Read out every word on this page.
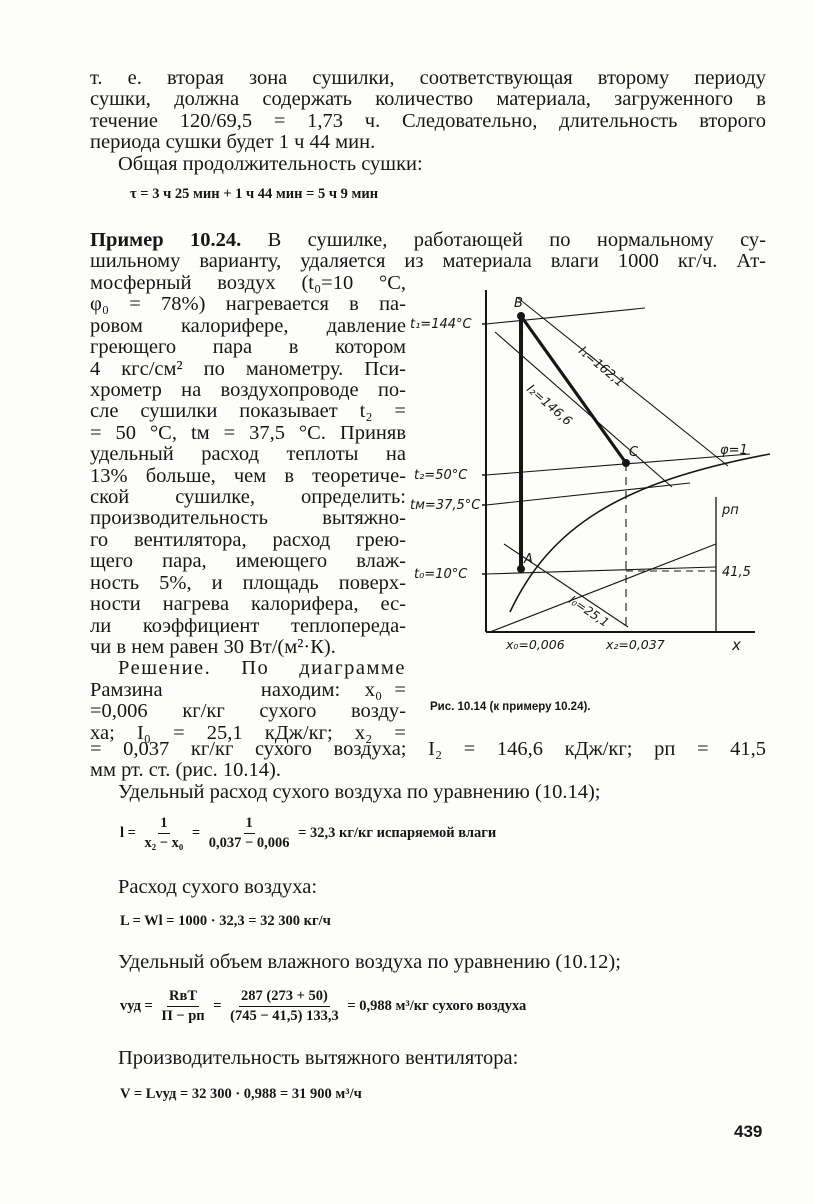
т. е. вторая зона сушилки, соответствующая второму периоду
сушки, должна содержать количество материала, загруженного в
течение 120/69,5 = 1,73 ч. Следовательно, длительность второго
периода сушки будет 1 ч 44 мин.
Общая продолжительность сушки:
τ = 3 ч 25 мин + 1 ч 44 мин = 5 ч 9 мин
Пример 10.24. В сушилке, работающей по нормальному су-
шильному варианту, удаляется из материала влаги 1000 кг/ч. Ат-
мосферный воздух (t₀=10 °C,
φ₀ = 78%) нагревается в па-
ровом калорифере, давление
греющего пара в котором
4 кгс/см² по манометру. Пси-
хрометр на воздухопроводе по-
сле сушилки показывает t₂ =
= 50 °C, tм = 37,5 °C. Приняв
удельный расход теплоты на
13% больше, чем в теоретиче-
ской сушилке, определить:
производительность вытяжно-
го вентилятора, расход грею-
щего пара, имеющего влаж-
ность 5%, и площадь поверх-
ности нагрева калорифера, ес-
ли коэффициент теплопереда-
чи в нем равен 30 Вт/(м²·К).
Решение. По диаграмме
Рамзина        находим:  x₀ =
=0,006 кг/кг сухого возду-
ха; I₀ = 25,1 кДж/кг; x₂ =
t₁=144°C
t₂=50°C
tм=37,5°C
t₀=10°C
B
C
A
I₁=162,1
I₂=146,6
I₀=25,1
φ=1
pп
41,5
x₀=0,006	x₂=0,037	x
Рис. 10.14 (к примеру 10.24).
= 0,037 кг/кг сухого воздуха; I₂ = 146,6 кДж/кг; pп = 41,5
мм рт. ст. (рис. 10.14).
Удельный расход сухого воздуха по уравнению (10.14);
$l = \frac{1}{\text{x₂ − x₀}} = \frac{1}{0,037 - 0,006} = 32,3$ кг/кг испаряемой влаги
Расход сухого воздуха:
L = Wl = 1000 · 32,3 = 32 300 кг/ч
Удельный объем влажного воздуха по уравнению (10.12);
vуд = $\frac{\text{RвT}}{П - pп} = \frac{287 (273 + 50)}{(745 - 41,5) 133,3} = 0,988$ м³/кг сухого воздуха
Производительность вытяжного вентилятора:
V = Lvуд = 32 300 · 0,988 = 31 900 м³/ч
439
